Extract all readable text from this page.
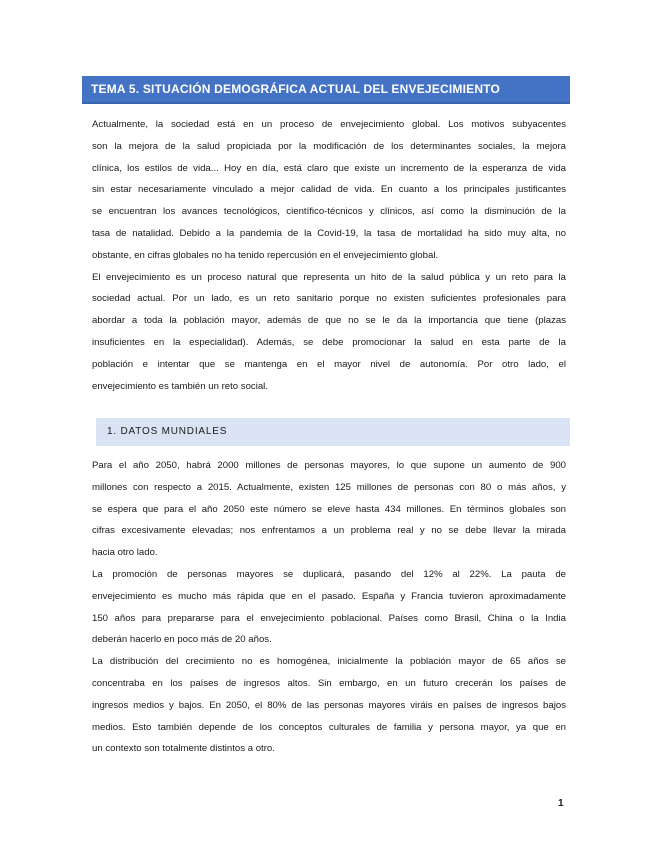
TEMA 5. SITUACIÓN DEMOGRÁFICA ACTUAL DEL ENVEJECIMIENTO
Actualmente, la sociedad está en un proceso de envejecimiento global. Los motivos subyacentes
son la mejora de la salud propiciada por la modificación de los determinantes sociales, la mejora
clínica, los estilos de vida... Hoy en día, está claro que existe un incremento de la esperanza de vida
sin estar necesariamente vinculado a mejor calidad de vida. En cuanto a los principales justificantes
se encuentran los avances tecnológicos, científico-técnicos y clínicos, así como la disminución de la
tasa de natalidad. Debido a la pandemia de la Covid-19, la tasa de mortalidad ha sido muy alta, no
obstante, en cifras globales no ha tenido repercusión en el envejecimiento global.
El envejecimiento es un proceso natural que representa un hito de la salud pública y un reto para la
sociedad actual. Por un lado, es un reto sanitario porque no existen suficientes profesionales para
abordar a toda la población mayor, además de que no se le da la importancia que tiene (plazas
insuficientes en la especialidad). Además, se debe promocionar la salud en esta parte de la
población e intentar que se mantenga en el mayor nivel de autonomía. Por otro lado, el
envejecimiento es también un reto social.
1. DATOS MUNDIALES
Para el año 2050, habrá 2000 millones de personas mayores, lo que supone un aumento de 900
millones con respecto a 2015. Actualmente, existen 125 millones de personas con 80 o más años, y
se espera que para el año 2050 este número se eleve hasta 434 millones. En términos globales son
cifras excesivamente elevadas; nos enfrentamos a un problema real y no se debe llevar la mirada
hacia otro lado.
La promoción de personas mayores se duplicará, pasando del 12% al 22%. La pauta de
envejecimiento es mucho más rápida que en el pasado. España y Francia tuvieron aproximadamente
150 años para prepararse para el envejecimiento poblacional. Países como Brasil, China o la India
deberán hacerlo en poco más de 20 años.
La distribución del crecimiento no es homogénea, inicialmente la población mayor de 65 años se
concentraba en los países de ingresos altos. Sin embargo, en un futuro crecerán los países de
ingresos medios y bajos. En 2050, el 80% de las personas mayores viráis en países de ingresos bajos
medios. Esto también depende de los conceptos culturales de familia y persona mayor, ya que en
un contexto son totalmente distintos a otro.
1
